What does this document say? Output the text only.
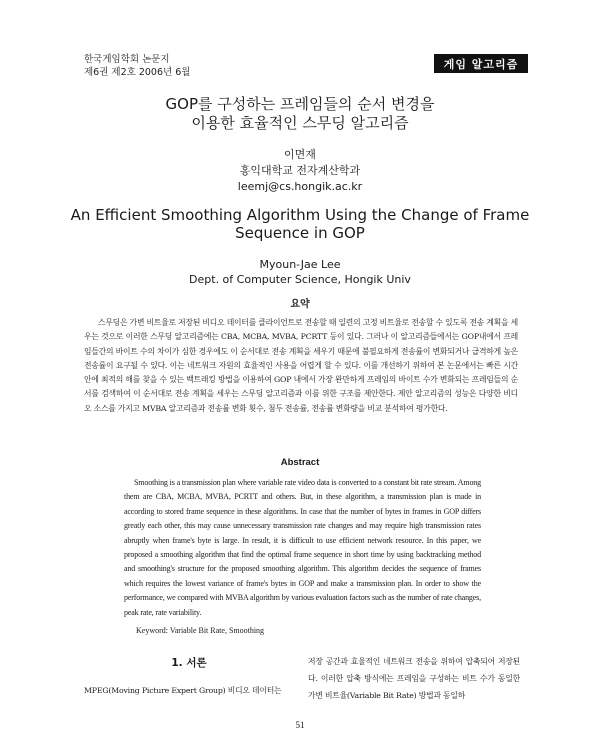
한국게임학회 논문지
제6권 제2호 2006년 6월
게임 알고리즘
GOP를 구성하는 프레임들의 순서 변경을
이용한 효율적인 스무딩 알고리즘
이면재
홍익대학교 전자계산학과
leemj@cs.hongik.ac.kr
An Efficient Smoothing Algorithm Using the Change of Frame
Sequence in GOP
Myoun-Jae Lee
Dept. of Computer Science, Hongik Univ
요약
스무딩은 가변 비트율로 저장된 비디오 데이터를 클라이언트로 전송할 때 일련의 고정 비트율로 전송할 수 있도록 전송 계획을 세우는 것으로 이러한 스무딩 알고리즘에는 CBA, MCBA, MVBA, PCRTT 등이 있다. 그러나 이 알고리즘들에서는 GOP내에서 프레임들간의 바이트 수의 차이가 심한 경우에도 이 순서대로 전송 계획을 세우기 때문에 불필요하게 전송률이 변화되거나 급격하게 높은 전송률이 요구될 수 있다. 이는 네트워크 자원의 효율적인 사용을 어렵게 할 수 있다. 이를 개선하기 위하여 본 논문에서는 빠른 시간안에 최적의 해를 찾을 수 있는 백트래킹 방법을 이용하여 GOP 내에서 가장 완만하게 프레임의 바이트 수가 변화되는 프레임들의 순서를 검색하여 이 순서대로 전송 계획을 세우는 스무딩 알고리즘과 이를 위한 구조를 제안한다. 제안 알고리즘의 성능은 다양한 비디오 소스를 가지고 MVBA 알고리즘과 전송률 변화 횟수, 첨두 전송률, 전송률 변화량을 비교 분석하여 평가한다.
Abstract
Smoothing is a transmission plan where variable rate video data is converted to a constant bit rate stream. Among them are CBA, MCBA, MVBA, PCRTT and others. But, in these algorithm, a transmission plan is made in according to stored frame sequence in these algorithms. In case that the number of bytes in frames in GOP differs greatly each other, this may cause unnecessary transmission rate changes and may require high transmission rates abruptly when frame's byte is large. In result, it is difficult to use efficient network resource. In this paper, we proposed a smoothing algorithm that find the optimal frame sequence in short time by using backtracking method and smoothing's structure for the proposed smoothing algorithm. This algorithm decides the sequence of frames which requires the lowest variance of frame's bytes in GOP and make a transmission plan. In order to show the performance, we compared with MVBA algorithm by various evaluation factors such as the number of rate changes, peak rate, rate variability.
Keyword: Variable Bit Rate, Smoothing
1. 서론
MPEG(Moving Picture Expert Group) 비디오 데이터는
저장 공간과 효율적인 네트워크 전송을 위하여 압축되어 저장된다. 이러한 압축 방식에는 프레임을 구성하는 비트 수가 동일한 가변 비트율(Variable Bit Rate) 방법과 동일하
51
